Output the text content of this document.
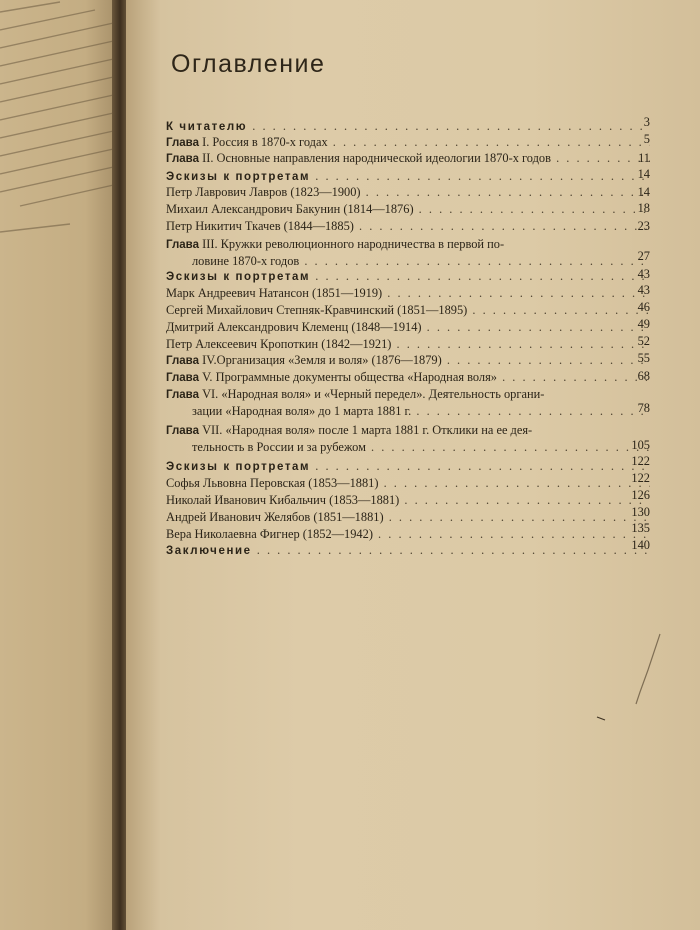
Оглавление
К читателю . . .	3
Глава I. Россия в 1870-х годах . . .	5
Глава II. Основные направления народнической идеологии 1870-х годов . . .	11
Эскизы к портретам . . .	14
Петр Лаврович Лавров (1823—1900) . . .	14
Михаил Александрович Бакунин (1814—1876) . . .	18
Петр Никитич Ткачев (1844—1885) . . .	23
Глава III. Кружки революционного народничества в первой по-
ловине 1870-х годов . . .	27
Эскизы к портретам . . .	43
Марк Андреевич Натансон (1851—1919) . . .	43
Сергей Михайлович Степняк-Кравчинский (1851—1895) . . .	46
Дмитрий Александрович Клеменц (1848—1914) . . .	49
Петр Алексеевич Кропоткин (1842—1921) . . .	52
Глава IV.Организация «Земля и воля» (1876—1879) . . .	55
Глава V. Программные документы общества «Народная воля» . . .	68
Глава VI. «Народная воля» и «Черный передел». Деятельность органи-
зации «Народная воля» до 1 марта 1881 г. . . .	78
Глава VII. «Народная воля» после 1 марта 1881 г. Отклики на ее дея-
тельность в России и за рубежом . . .	105
Эскизы к портретам . . .	122
Софья Львовна Перовская (1853—1881) . . .	122
Николай Иванович Кибальчич (1853—1881) . . .	126
Андрей Иванович Желябов (1851—1881) . . .	130
Вера Николаевна Фигнер (1852—1942) . . .	135
Заключение . . .	140
